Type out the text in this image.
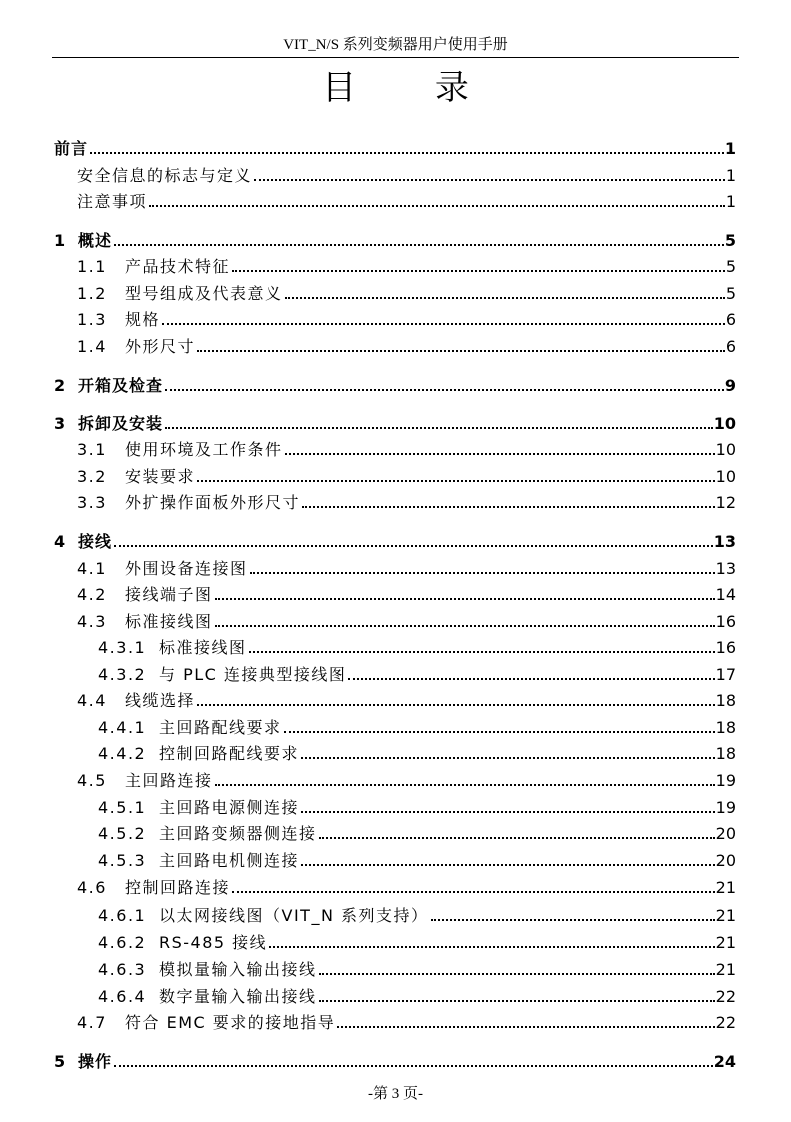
VIT_N/S 系列变频器用户使用手册
目 录
前言	1
安全信息的标志与定义	1
注意事项	1
1 概述	5
1.1	产品技术特征	5
1.2	型号组成及代表意义	5
1.3	规格	6
1.4	外形尺寸	6
2 开箱及检查	9
3 拆卸及安装	10
3.1	使用环境及工作条件	10
3.2	安装要求	10
3.3	外扩操作面板外形尺寸	12
4 接线	13
4.1	外围设备连接图	13
4.2	接线端子图	14
4.3	标准接线图	16
4.3.1 标准接线图	16
4.3.2 与 PLC 连接典型接线图	17
4.4	线缆选择	18
4.4.1 主回路配线要求	18
4.4.2 控制回路配线要求	18
4.5	主回路连接	19
4.5.1 主回路电源侧连接	19
4.5.2 主回路变频器侧连接	20
4.5.3 主回路电机侧连接	20
4.6	控制回路连接	21
4.6.1 以太网接线图（VIT_N 系列支持）	21
4.6.2 RS-485 接线	21
4.6.3 模拟量输入输出接线	21
4.6.4 数字量输入输出接线	22
4.7	符合 EMC 要求的接地指导	22
5 操作	24
-第 3 页-
